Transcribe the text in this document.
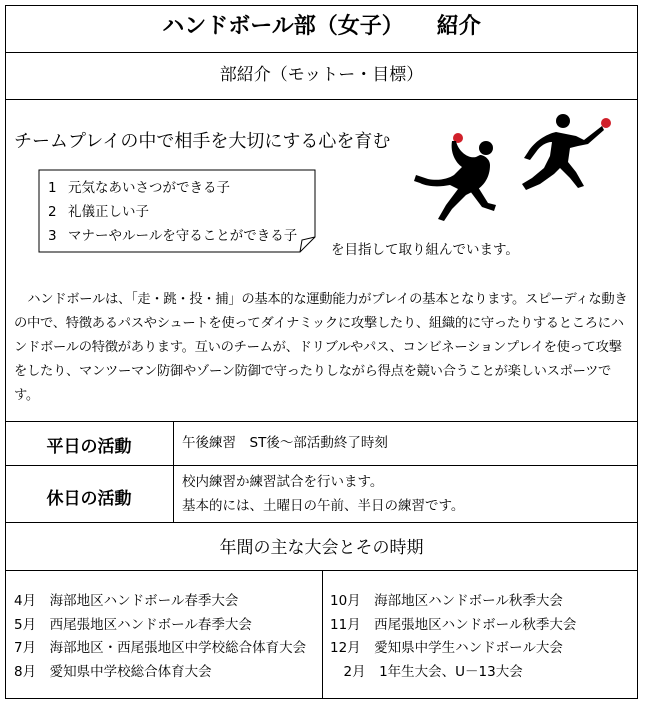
ハンドボール部（女子）　　 紹介
部紹介（モットー・目標）
チームプレイの中で相手を大切にする心を育む
1 元気なあいさつができる子
2 礼儀正しい子
3 マナーやルールを守ることができる子
を目指して取り組んでいます。

ハンドボールは、「走・跳・投・捕」の基本的な運動能力がプレイの基本となります。スピーディな動きの中で、特徴あるパスやシュートを使ってダイナミックに攻撃したり、組織的に守ったりするところにハンドボールの特徴があります。互いのチームが、ドリブルやパス、コンビネーションプレイを使って攻撃をしたり、マンツーマン防御やゾーン防御で守ったりしながら得点を競い合うことが楽しいスポーツです。

平日の活動	午後練習　ST後～部活動終了時刻
休日の活動
校内練習か練習試合を行います。
基本的には、土曜日の午前、半日の練習です。
年間の主な大会とその時期
4月　海部地区ハンドボール春季大会
5月　西尾張地区ハンドボール春季大会
7月　海部地区・西尾張地区中学校総合体育大会
8月　愛知県中学校総合体育大会
10月　海部地区ハンドボール秋季大会
11月　西尾張地区ハンドボール秋季大会
12月　愛知県中学生ハンドボール大会
　2月　1年生大会、U－13大会
